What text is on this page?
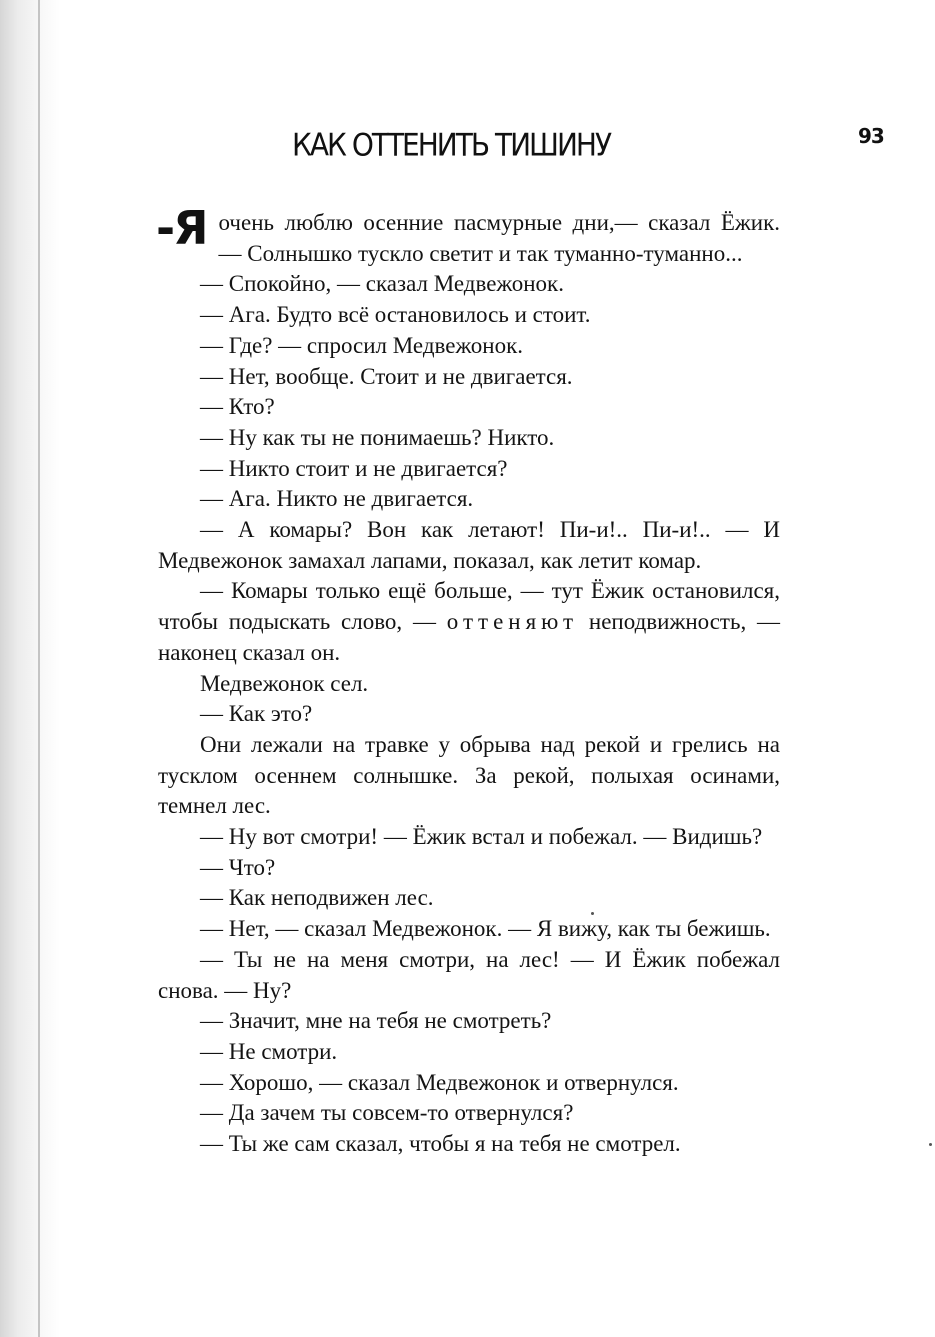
93
КАК ОТТЕНИТЬ ТИШИНУ

-Я очень люблю осенние пасмурные дни,— сказал Ёжик. — Солнышко тускло светит и так туманно-туманно...

— Спокойно, — сказал Медвежонок.

— Ага. Будто всё остановилось и стоит.

— Где? — спросил Медвежонок.

— Нет, вообще. Стоит и не двигается.

— Кто?

— Ну как ты не понимаешь? Никто.

— Никто стоит и не двигается?

— Ага. Никто не двигается.

— А комары? Вон как летают! Пи-и!.. Пи-и!.. — И Медвежонок замахал лапами, показал, как летит комар.

— Комары только ещё больше, — тут Ёжик остановился, чтобы подыскать слово, — оттеняют неподвижность, — наконец сказал он.

Медвежонок сел.

— Как это?

Они лежали на травке у обрыва над рекой и грелись на тусклом осеннем солнышке. За рекой, полыхая осинами, темнел лес.

— Ну вот смотри! — Ёжик встал и побежал. — Видишь?

— Что?

— Как неподвижен лес.

— Нет, — сказал Медвежонок. — Я вижу, как ты бежишь.

— Ты не на меня смотри, на лес! — И Ёжик побежал снова. — Ну?

— Значит, мне на тебя не смотреть?

— Не смотри.

— Хорошо, — сказал Медвежонок и отвернулся.

— Да зачем ты совсем-то отвернулся?

— Ты же сам сказал, чтобы я на тебя не смотрел.
